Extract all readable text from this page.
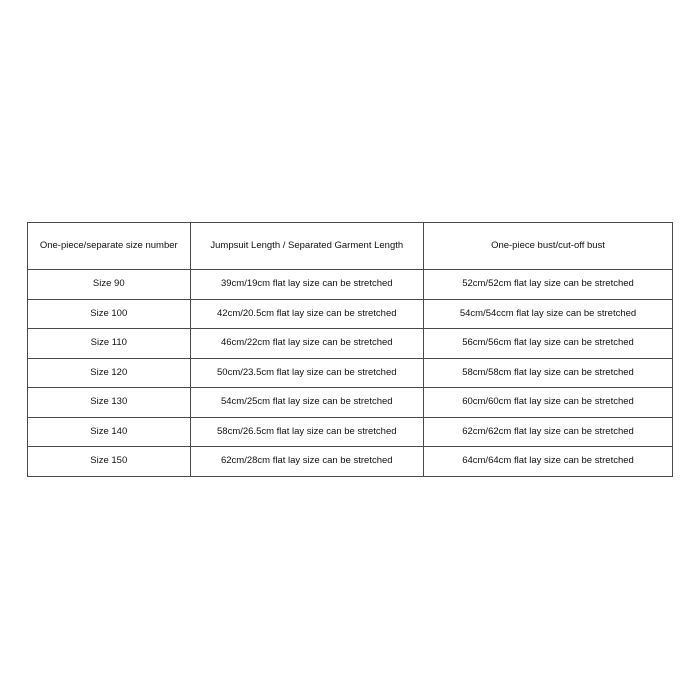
One-piece/separate size number	Jumpsuit Length / Separated Garment Length	One-piece bust/cut-off bust
Size 90	39cm/19cm flat lay size can be stretched	52cm/52cm flat lay size can be stretched
Size 100	42cm/20.5cm flat lay size can be stretched	54cm/54ccm flat lay size can be stretched
Size 110	46cm/22cm flat lay size can be stretched	56cm/56cm flat lay size can be stretched
Size 120	50cm/23.5cm flat lay size can be stretched	58cm/58cm flat lay size can be stretched
Size 130	54cm/25cm flat lay size can be stretched	60cm/60cm flat lay size can be stretched
Size 140	58cm/26.5cm flat lay size can be stretched	62cm/62cm flat lay size can be stretched
Size 150	62cm/28cm flat lay size can be stretched	64cm/64cm flat lay size can be stretched
